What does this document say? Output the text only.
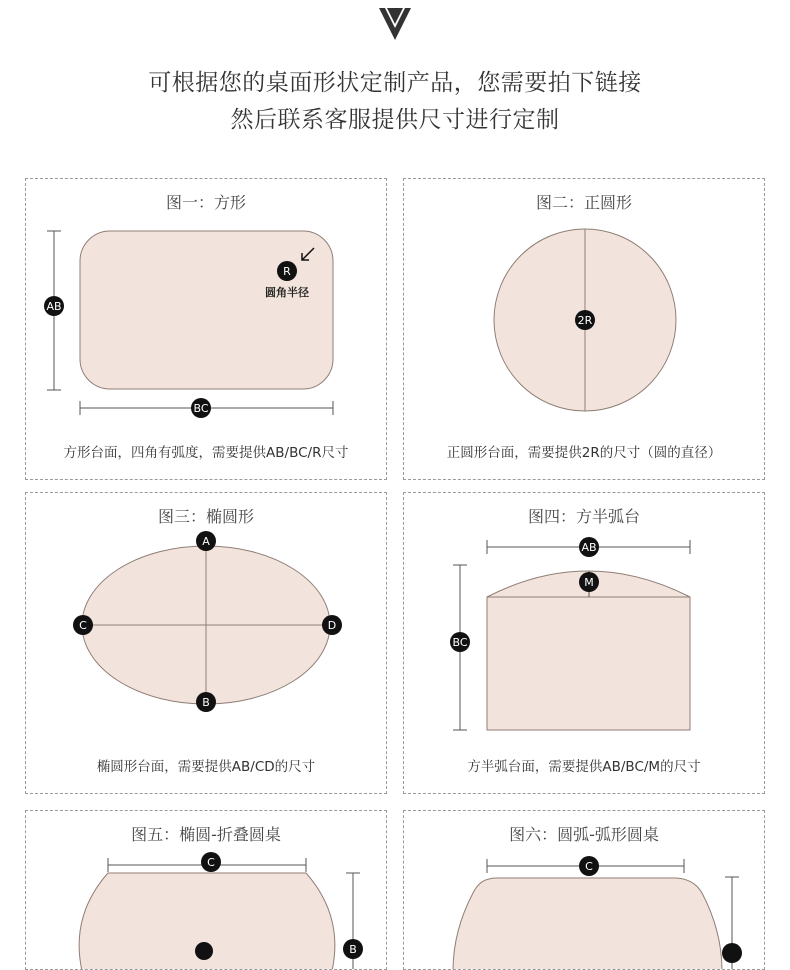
可根据您的桌面形状定制产品，您需要拍下链接
然后联系客服提供尺寸进行定制
图一：方形
AB
BC
R
圆角半径
方形台面，四角有弧度，需要提供AB/BC/R尺寸
图二：正圆形
2R
正圆形台面，需要提供2R的尺寸（圆的直径）
图三：椭圆形
A
B
C	D
椭圆形台面，需要提供AB/CD的尺寸
图四：方半弧台
AB
M
BC
方半弧台面，需要提供AB/BC/M的尺寸
图五：椭圆-折叠圆桌
C
B
图六：圆弧-弧形圆桌
C
